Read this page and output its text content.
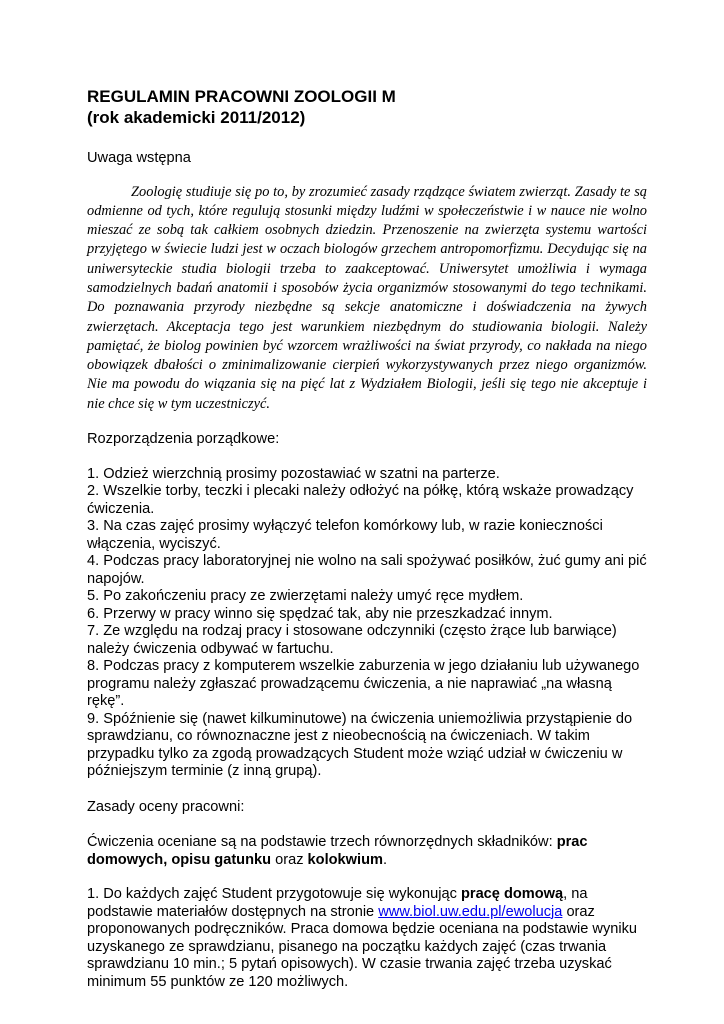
REGULAMIN PRACOWNI ZOOLOGII M
(rok akademicki 2011/2012)

Uwaga wstępna

Zoologię studiuje się po to, by zrozumieć zasady rządzące światem zwierząt. Zasady te są odmienne od tych, które regulują stosunki między ludźmi w społeczeństwie i w nauce nie wolno mieszać ze sobą tak całkiem osobnych dziedzin. Przenoszenie na zwierzęta systemu wartości przyjętego w świecie ludzi jest w oczach biologów grzechem antropomorfizmu. Decydując się na uniwersyteckie studia biologii trzeba to zaakceptować. Uniwersytet umożliwia i wymaga samodzielnych badań anatomii i sposobów życia organizmów stosowanymi do tego technikami. Do poznawania przyrody niezbędne są sekcje anatomiczne i doświadczenia na żywych zwierzętach. Akceptacja tego jest warunkiem niezbędnym do studiowania biologii. Należy pamiętać, że biolog powinien być wzorcem wrażliwości na świat przyrody, co nakłada na niego obowiązek dbałości o zminimalizowanie cierpień wykorzystywanych przez niego organizmów. Nie ma powodu do wiązania się na pięć lat z Wydziałem Biologii, jeśli się tego nie akceptuje i nie chce się w tym uczestniczyć.

Rozporządzenia porządkowe:

1. Odzież wierzchnią prosimy pozostawiać w szatni na parterze.

2. Wszelkie torby, teczki i plecaki należy odłożyć na półkę, którą wskaże prowadzący ćwiczenia.

3. Na czas zajęć prosimy wyłączyć telefon komórkowy lub, w razie konieczności włączenia, wyciszyć.

4. Podczas pracy laboratoryjnej nie wolno na sali spożywać posiłków, żuć gumy ani pić napojów.

5. Po zakończeniu pracy ze zwierzętami należy umyć ręce mydłem.

6. Przerwy w pracy winno się spędzać tak, aby nie przeszkadzać innym.

7. Ze względu na rodzaj pracy i stosowane odczynniki (często żrące lub barwiące) należy ćwiczenia odbywać w fartuchu.

8. Podczas pracy z komputerem wszelkie zaburzenia w jego działaniu lub używanego programu należy zgłaszać prowadzącemu ćwiczenia, a nie naprawiać „na własną rękę”.

9. Spóźnienie się (nawet kilkuminutowe) na ćwiczenia uniemożliwia przystąpienie do sprawdzianu, co równoznaczne jest z nieobecnością na ćwiczeniach. W takim przypadku tylko za zgodą prowadzących Student może wziąć udział w ćwiczeniu w późniejszym terminie (z inną grupą).

Zasady oceny pracowni:

Ćwiczenia oceniane są na podstawie trzech równorzędnych składników: prac domowych, opisu gatunku oraz kolokwium.

1. Do każdych zajęć Student przygotowuje się wykonując pracę domową, na podstawie materiałów dostępnych na stronie www.biol.uw.edu.pl/ewolucja oraz proponowanych podręczników. Praca domowa będzie oceniana na podstawie wyniku uzyskanego ze sprawdzianu, pisanego na początku każdych zajęć (czas trwania sprawdzianu 10 min.; 5 pytań opisowych). W czasie trwania zajęć trzeba uzyskać minimum 55 punktów ze 120 możliwych.
